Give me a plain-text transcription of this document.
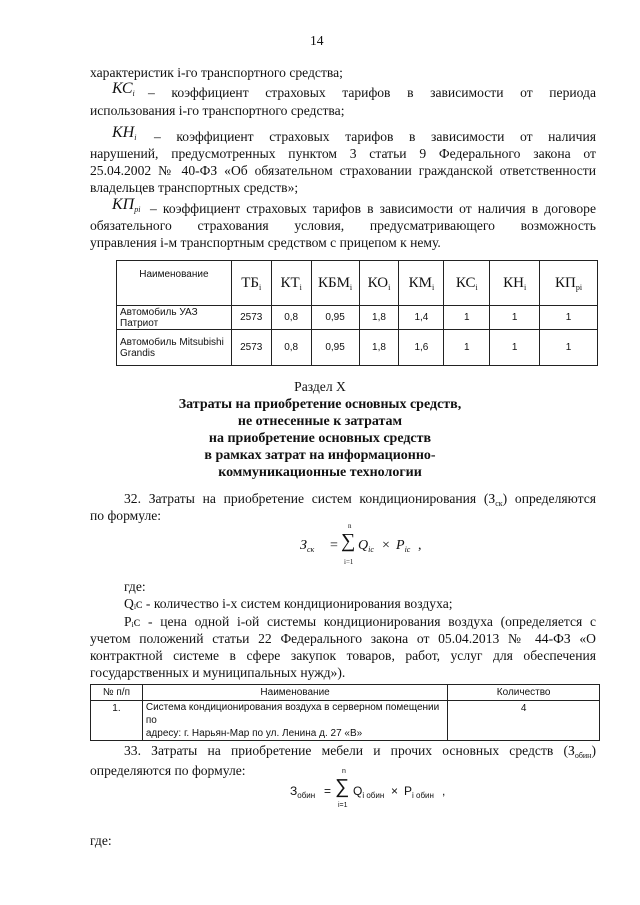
14
характеристик i-го транспортного средства;
$КС_i$ – коэффициент страховых тарифов в зависимости от периода
использования i-го транспортного средства;
$КН_i$ – коэффициент страховых тарифов в зависимости от наличия
нарушений, предусмотренных пунктом 3 статьи 9 Федерального закона от
25.04.2002 № 40-ФЗ «Об обязательном страховании гражданской ответственности
владельцев транспортных средств»;
$КП_{pi}$ – коэффициент страховых тарифов в зависимости от наличия в договоре
обязательного страхования условия, предусматривающего возможность
управления i-м транспортным средством с прицепом к нему.
Наименование	$ТБ_i$	$КТ_i$	$КБМ_i$	$КО_i$	$КМ_i$	$КС_i$	$КН_i$	$КП_{pi}$
Автомобиль УАЗ Патриот	2573	0,8	0,95	1,8	1,4	1	1	1
Автомобиль Mitsubishi
Grandis	2573	0,8	0,95	1,8	1,6	1	1	1
Раздел X
Затраты на приобретение основных средств,
не отнесенные к затратам
на приобретение основных средств
в рамках затрат на информационно-
коммуникационные технологии
32. Затраты на приобретение систем кондиционирования $(З_{ск})$ определяются
по формуле:
$З_{ск}$ =
n
∑
i=1
$Q_{ic} \times P_{ic}$ ,
где:
Qᵢᴄ - количество i-х систем кондиционирования воздуха;
Pᵢᴄ - цена одной i-ой системы кондиционирования воздуха (определяется с
учетом положений статьи 22 Федерального закона от 05.04.2013 № 44-ФЗ «О
контрактной системе в сфере закупок товаров, работ, услуг для обеспечения
государственных и муниципальных нужд»).
№ п/п	Наименование	Количество
1.	Система кондиционирования воздуха в серверном помещении по
адресу: г. Нарьян-Мар по ул. Ленина д. 27 «В»	4
33. Затраты на приобретение мебели и прочих основных средств $(З_{обин})$
определяются по формуле:
$З_{обин}$ =
n
∑
i=1
$Q_{i обин} \times P_{i обин}$ ,
где:
